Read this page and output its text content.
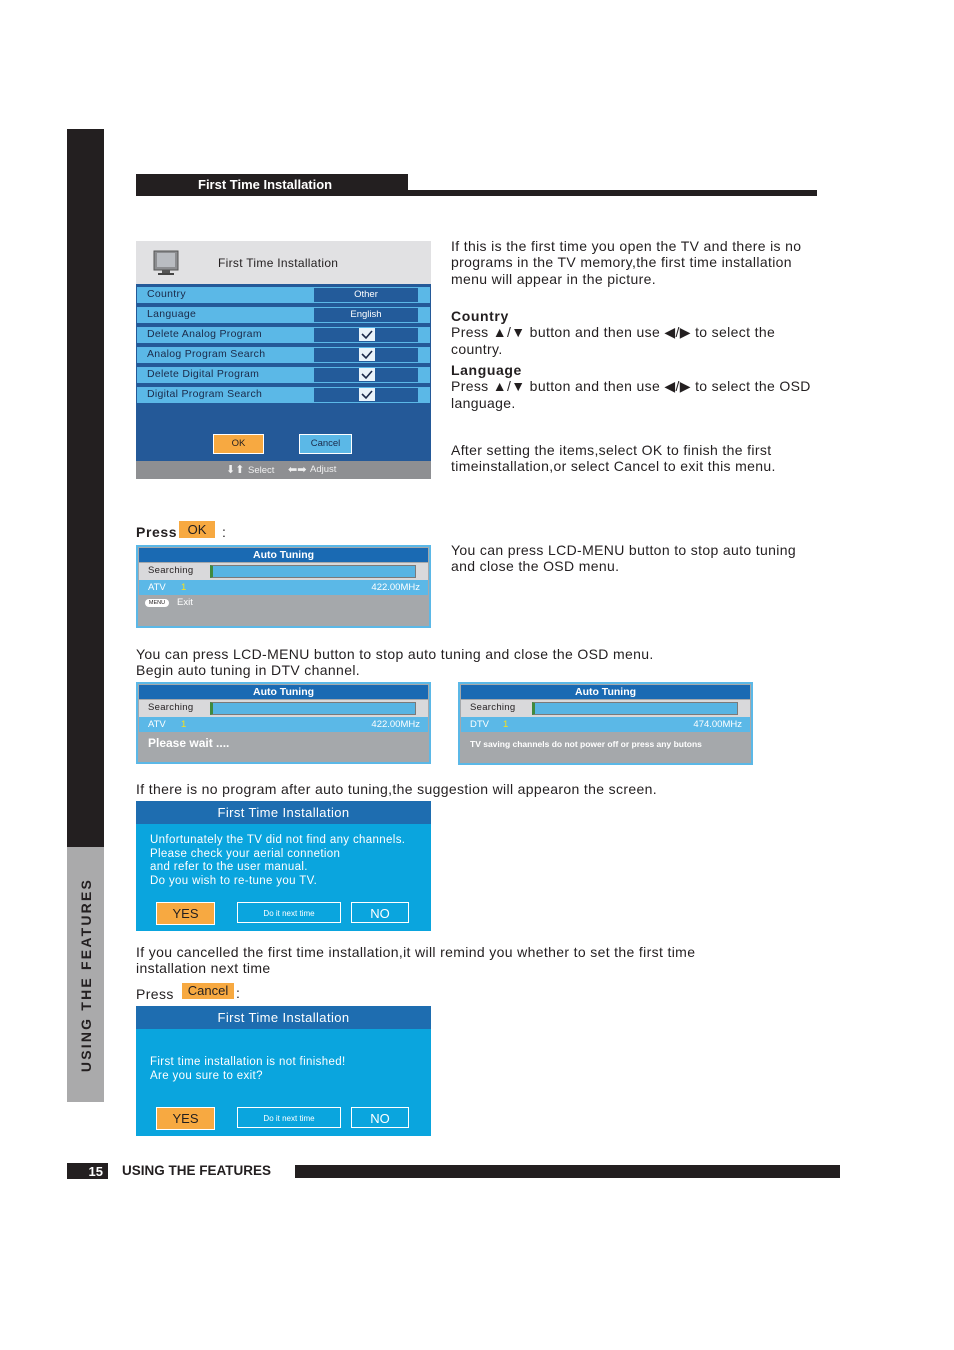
USING THE FEATURES
First Time Installation
First Time Installation
Country	Other
Language	English
Delete Analog Program
Analog Program Search
Delete Digital Program
Digital Program Search
OK	Cancel
⬇⬆ Select ⬅➡ Adjust
If this is the first time you open the TV and there is no programs in the TV memory,the first time installation menu will appear in the picture.
Country
Press ▲/▼ button and then use ◀/▶ to select the country.
Language
Press ▲/▼ button and then use ◀/▶ to select the OSD language.
After setting the items,select OK to finish the first timeinstallation,or select Cancel to exit this menu.
Press OK	:
Auto Tuning
Searching
ATV 1	422.00MHz
MENU	Exit
You can press LCD-MENU button to stop auto tuning and close the OSD menu.
You can press LCD-MENU button to stop auto tuning and close the OSD menu.
Begin auto tuning in DTV channel.
Auto Tuning
Searching
ATV 1	422.00MHz
Please wait ....
Auto Tuning
Searching
DTV 1	474.00MHz
TV saving channels do not power off or press any butons
If there is no program after auto tuning,the suggestion will appearon the screen.
First Time Installation
Unfortunately the TV did not find any channels.
Please check your aerial connetion
and refer to the user manual.
Do you wish to re-tune you TV.
YES	Do it next time	NO
If you cancelled the first time installation,it will remind you whether to set the first time installation next time
Press	Cancel :
First Time Installation
First time installation is not finished!
Are you sure to exit?
YES	Do it next time	NO
15 USING THE FEATURES
